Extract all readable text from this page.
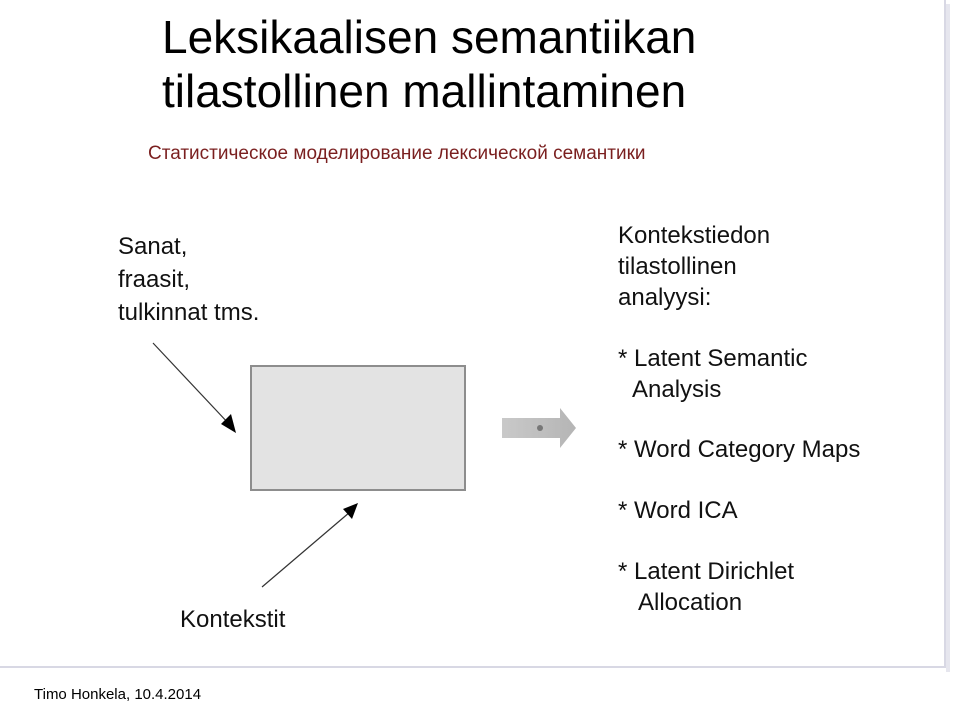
Leksikaalisen semantiikan
tilastollinen mallintaminen
Статистическое моделирование лексической семантики
Sanat,
fraasit,
tulkinnat tms.
Kontekstiedon
tilastollinen
analyysi:
* Latent Semantic
Analysis
* Word Category Maps
* Word ICA
* Latent Dirichlet
Allocation
Kontekstit
Timo Honkela, 10.4.2014
